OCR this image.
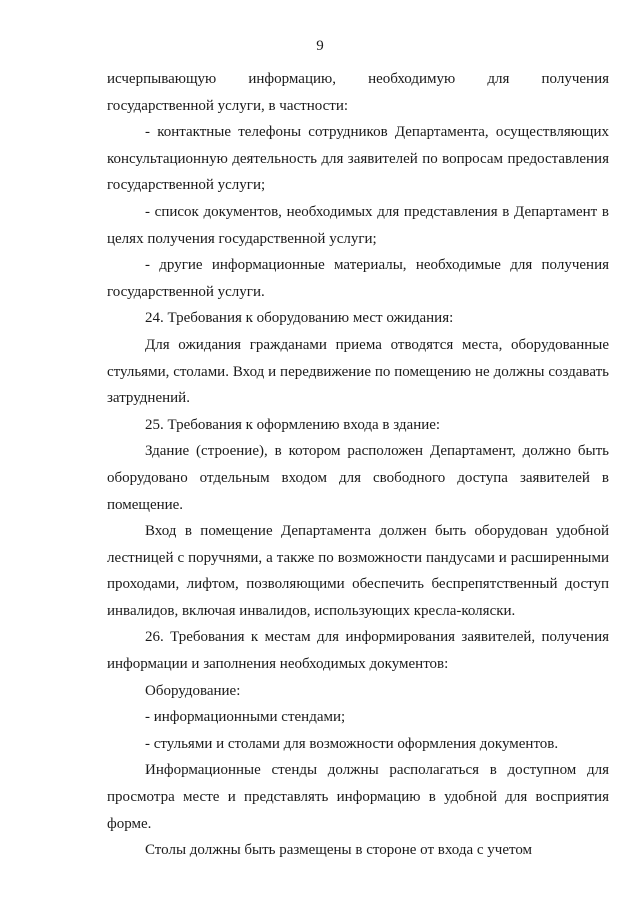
9

исчерпывающую информацию, необходимую для получения
государственной услуги, в частности:

- контактные телефоны сотрудников Департамента, осуществляющих консультационную деятельность для заявителей по вопросам предоставления государственной услуги;

- список документов, необходимых для представления в Департамент в целях получения государственной услуги;

- другие информационные материалы, необходимые для получения государственной услуги.

24. Требования к оборудованию мест ожидания:

Для ожидания гражданами приема отводятся места, оборудованные стульями, столами. Вход и передвижение по помещению не должны создавать затруднений.

25. Требования к оформлению входа в здание:

Здание (строение), в котором расположен Департамент, должно быть оборудовано отдельным входом для свободного доступа заявителей в помещение.

Вход в помещение Департамента должен быть оборудован удобной лестницей с поручнями, а также по возможности пандусами и расширенными проходами, лифтом, позволяющими обеспечить беспрепятственный доступ инвалидов, включая инвалидов, использующих кресла-коляски.

26. Требования к местам для информирования заявителей, получения информации и заполнения необходимых документов:

Оборудование:

- информационными стендами;

- стульями и столами для возможности оформления документов.

Информационные стенды должны располагаться в доступном для просмотра месте и представлять информацию в удобной для восприятия форме.

Столы должны быть размещены в стороне от входа с учетом
